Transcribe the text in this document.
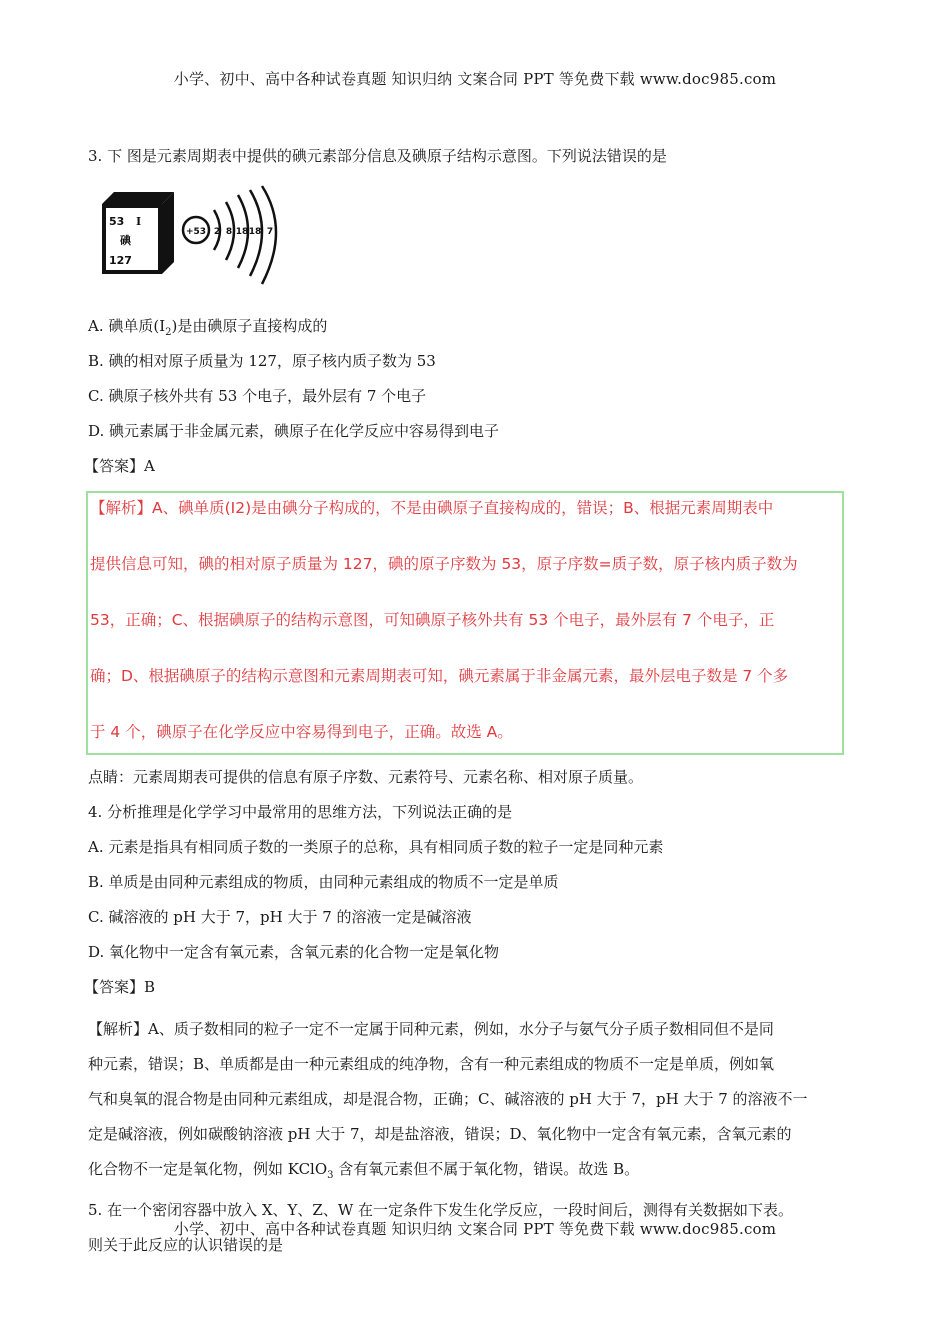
小学、初中、高中各种试卷真题 知识归纳 文案合同 PPT 等免费下载 www.doc985.com

3. 下 图是元素周期表中提供的碘元素部分信息及碘原子结构示意图。下列说法错误的是

53 I
碘
127
+53 2 8 18 18 7

A. 碘单质$(I_2)$是由碘原子直接构成的

B. 碘的相对原子质量为 127，原子核内质子数为 53

C. 碘原子核外共有 53 个电子，最外层有 7 个电子

D. 碘元素属于非金属元素，碘原子在化学反应中容易得到电子

【答案】A

【解析】A、碘单质(I2)是由碘分子构成的，不是由碘原子直接构成的，错误；B、根据元素周期表中

提供信息可知，碘的相对原子质量为 127，碘的原子序数为 53，原子序数=质子数，原子核内质子数为

53，正确；C、根据碘原子的结构示意图，可知碘原子核外共有 53 个电子，最外层有 7 个电子，正

确；D、根据碘原子的结构示意图和元素周期表可知，碘元素属于非金属元素，最外层电子数是 7 个多

于 4 个，碘原子在化学反应中容易得到电子，正确。故选 A。

点睛：元素周期表可提供的信息有原子序数、元素符号、元素名称、相对原子质量。

4. 分析推理是化学学习中最常用的思维方法，下列说法正确的是

A. 元素是指具有相同质子数的一类原子的总称，具有相同质子数的粒子一定是同种元素

B. 单质是由同种元素组成的物质，由同种元素组成的物质不一定是单质

C. 碱溶液的 pH 大于 7，pH 大于 7 的溶液一定是碱溶液

D. 氧化物中一定含有氧元素，含氧元素的化合物一定是氧化物

【答案】B

【解析】A、质子数相同的粒子一定不一定属于同种元素，例如，水分子与氨气分子质子数相同但不是同

种元素，错误；B、单质都是由一种元素组成的纯净物，含有一种元素组成的物质不一定是单质，例如氧

气和臭氧的混合物是由同种元素组成，却是混合物，正确；C、碱溶液的 pH 大于 7，pH 大于 7 的溶液不一

定是碱溶液，例如碳酸钠溶液 pH 大于 7，却是盐溶液，错误；D、氧化物中一定含有氧元素，含氧元素的

化合物不一定是氧化物，例如 KClO$_3$ 含有氧元素但不属于氧化物，错误。故选 B。

5. 在一个密闭容器中放入 X、Y、Z、W 在一定条件下发生化学反应，一段时间后，测得有关数据如下表。

则关于此反应的认识错误的是

小学、初中、高中各种试卷真题 知识归纳 文案合同 PPT 等免费下载 www.doc985.com
